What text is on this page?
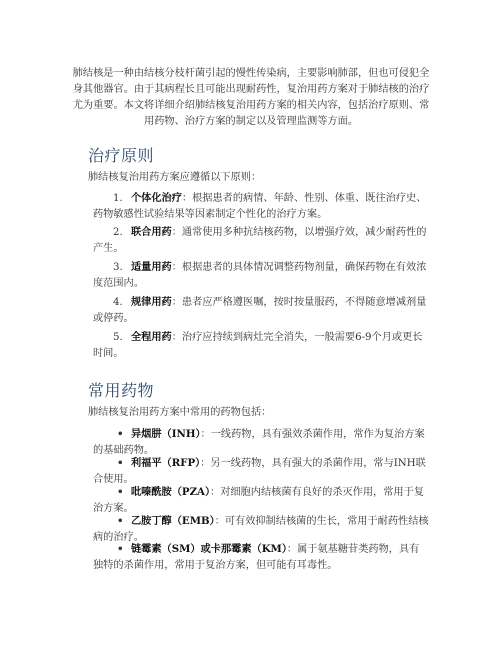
肺结核是一种由结核分枝杆菌引起的慢性传染病，主要影响肺部，但也可侵犯全身其他器官。由于其病程长且可能出现耐药性，复治用药方案对于肺结核的治疗尤为重要。本文将详细介绍肺结核复治用药方案的相关内容，包括治疗原则、常用药物、治疗方案的制定以及管理监测等方面。

治疗原则

肺结核复治用药方案应遵循以下原则：

1. 个体化治疗：根据患者的病情、年龄、性别、体重、既往治疗史、药物敏感性试验结果等因素制定个性化的治疗方案。
2. 联合用药：通常使用多种抗结核药物，以增强疗效，减少耐药性的产生。
3. 适量用药：根据患者的具体情况调整药物剂量，确保药物在有效浓度范围内。
4. 规律用药：患者应严格遵医嘱，按时按量服药，不得随意增减剂量或停药。
5. 全程用药：治疗应持续到病灶完全消失，一般需要6-9个月或更长时间。
常用药物

肺结核复治用药方案中常用的药物包括：

• 异烟肼（INH）：一线药物，具有强效杀菌作用，常作为复治方案的基础药物。
• 利福平（RFP）：另一线药物，具有强大的杀菌作用，常与INH联合使用。
• 吡嗪酰胺（PZA）：对细胞内结核菌有良好的杀灭作用，常用于复治方案。
• 乙胺丁醇（EMB）：可有效抑制结核菌的生长，常用于耐药性结核病的治疗。
• 链霉素（SM）或卡那霉素（KM）：属于氨基糖苷类药物，具有独特的杀菌作用，常用于复治方案，但可能有耳毒性。
